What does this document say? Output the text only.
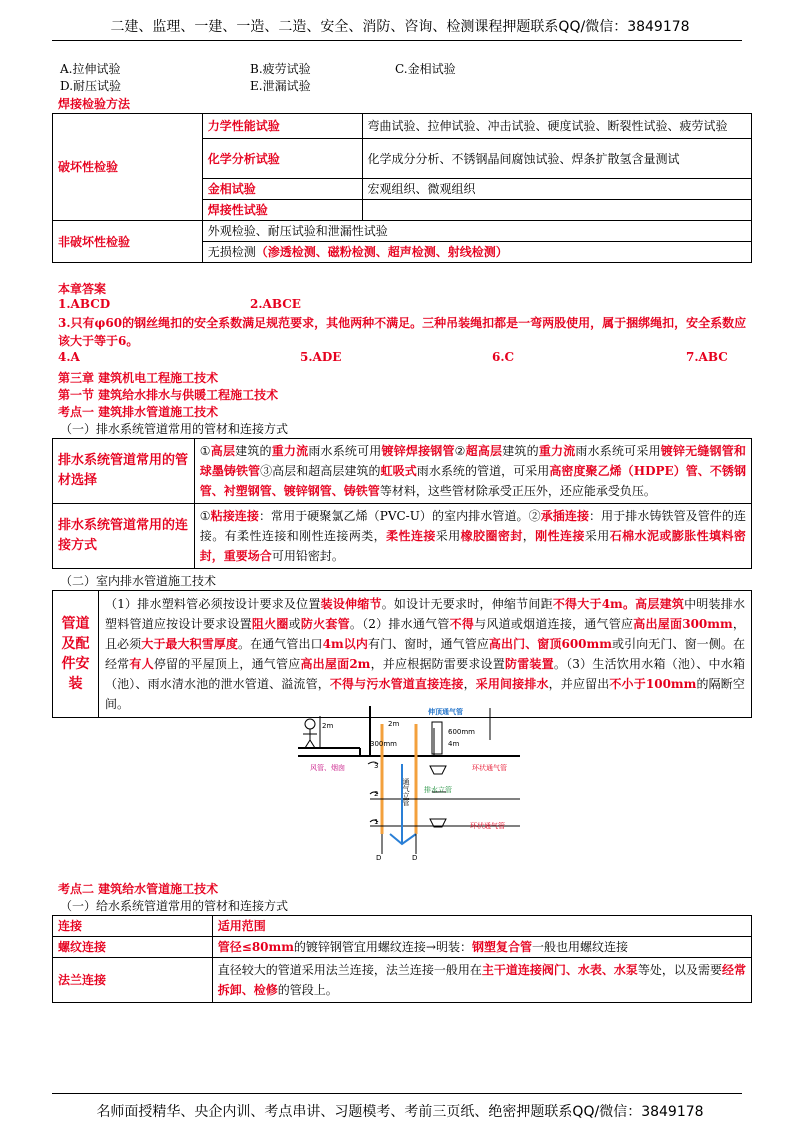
二建、监理、一建、一造、二造、安全、消防、咨询、检测课程押题联系QQ/微信：3849178
A.拉伸试验	B.疲劳试验	C.金相试验
D.耐压试验	E.泄漏试验
焊接检验方法
破坏性检验	力学性能试验	弯曲试验、拉伸试验、冲击试验、硬度试验、断裂性试验、疲劳试验
	化学分析试验	化学成分分析、不锈钢晶间腐蚀试验、焊条扩散氢含量测试
	金相试验	宏观组织、微观组织
	焊接性试验	
非破坏性检验	外观检验、耐压试验和泄漏性试验	
	无损检测（渗透检测、磁粉检测、超声检测、射线检测）	
本章答案
1.ABCD	2.ABCE
3.只有φ60的钢丝绳扣的安全系数满足规范要求，其他两种不满足。三种吊装绳扣都是一弯两股使用，属于捆绑绳扣，安全系数应该大于等于6。
4.A	5.ADE	6.C	7.ABC
第三章 建筑机电工程施工技术
第一节 建筑给水排水与供暖工程施工技术
考点一 建筑排水管道施工技术
（一）排水系统管道常用的管材和连接方式
排水系统管道常用的管材选择	①高层建筑的重力流雨水系统可用镀锌焊接钢管②超高层建筑的重力流雨水系统可采用镀锌无缝钢管和球墨铸铁管③高层和超高层建筑的虹吸式雨水系统的管道，可采用高密度聚乙烯（HDPE）管、不锈钢管、衬塑钢管、镀锌钢管、铸铁管等材料，这些管材除承受正压外，还应能承受负压。
排水系统管道常用的连接方式	①粘接连接：常用于硬聚氯乙烯（PVC-U）的室内排水管道。②承插连接：用于排水铸铁管及管件的连接。有柔性连接和刚性连接两类，柔性连接采用橡胶圈密封，刚性连接采用石棉水泥或膨胀性填料密封，重要场合可用铅密封。
（二）室内排水管道施工技术
管道及配件安装	（1）排水塑料管必须按设计要求及位置装设伸缩节。如设计无要求时，伸缩节间距不得大于4m。高层建筑中明装排水塑料管道应按设计要求设置阻火圈或防火套管。（2）排水通气管不得与风道或烟道连接，通气管应高出屋面300mm，且必须大于最大积雪厚度。在通气管出口4m以内有门、窗时，通气管应高出门、窗顶600mm或引向无门、窗一侧。在经常有人停留的平屋顶上，通气管应高出屋面2m，并应根据防雷要求设置防雷装置。（3）生活饮用水箱（池）、中水箱（池）、雨水清水池的泄水管道、溢流管，不得与污水管道直接连接，采用间接排水，并应留出不小于100mm的隔断空间。
伸顶通气管
600mm
4m
300mm
2m	2m
风管、烟囱	环状通气管
排水立管
通气立管
环状通气管
3
2
1
D	D
考点二 建筑给水管道施工技术
（一）给水系统管道常用的管材和连接方式
连接	适用范围
螺纹连接	管径≤80mm的镀锌钢管宜用螺纹连接→明装：钢塑复合管一般也用螺纹连接
法兰连接	直径较大的管道采用法兰连接，法兰连接一般用在主干道连接阀门、水表、水泵等处，以及需要经常拆卸、检修的管段上。
名师面授精华、央企内训、考点串讲、习题模考、考前三页纸、绝密押题联系QQ/微信：3849178
